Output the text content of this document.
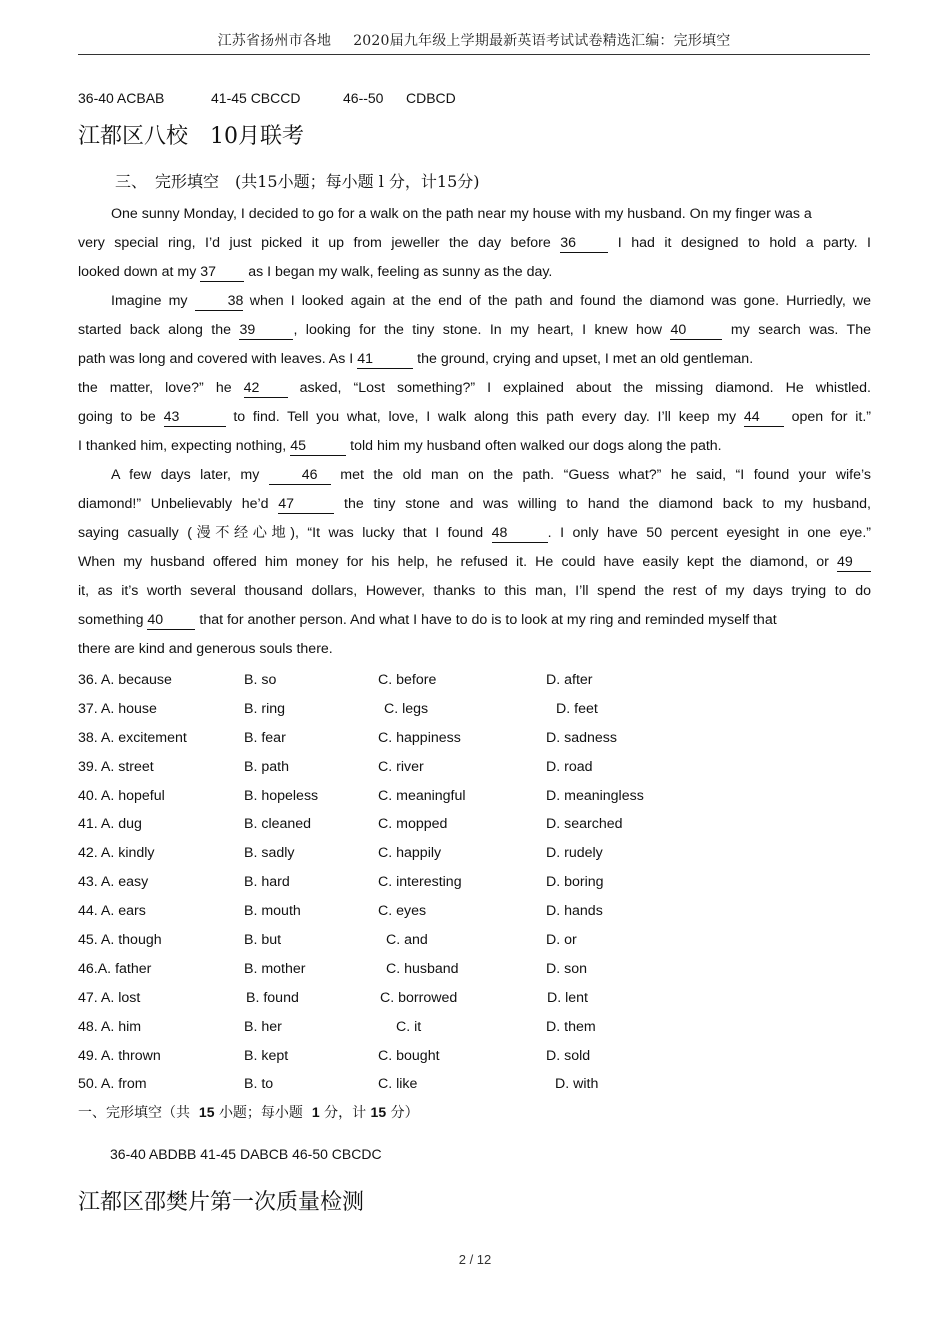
江苏省扬州市各地 2020届九年级上学期最新英语考试试卷精选汇编：完形填空
36-40 ACBAB	41-45 CBCCD	46--50 CDBCD
江都区八校　10月联考
三、　完形填空　(共15小题；每小题 l 分，计15分)

One sunny Monday, I decided to go for a walk on the path near my house with my husband. On my finger was a

very special ring, I’d just picked it up from jeweller the day before 36	I had it designed to hold a party. I

looked down at my 37 as I began my walk, feeling as sunny as the day.

Imagine my	38 when I looked again at the end of the path and found the diamond was gone. Hurriedly, we

started back along the 39	, looking for the tiny stone. In my heart, I knew how 40	my search was. The

path was long and covered with leaves. As I 41	the ground, crying and upset, I met an old gentleman.

the matter, love?” he 42	asked, “Lost something?” I explained about the missing diamond. He whistled.

going to be 43	to find. Tell you what, love, I walk along this path every day. I’ll keep my 44 open for it.”

I thanked him, expecting nothing, 45	told him my husband often walked our dogs along the path.

A few days later, my	46 met the old man on the path. “Guess what?” he said, “I found your wife’s

diamond!” Unbelievably he’d 47	the tiny stone and was willing to hand the diamond back to my husband,

saying casually (漫不经心地), “It was lucky that I found 48	. I only have 50 percent eyesight in one eye.”

When my husband offered him money for his help, he refused it. He could have easily kept the diamond, or 49

it, as it’s worth several thousand dollars, However, thanks to this man, I’ll spend the rest of my days trying to do

something 40	that for another person. And what I have to do is to look at my ring and reminded myself that

there are kind and generous souls there.

36. A. because	B. so	C. before	D. after
37. A. house	B. ring	C. legs	D. feet
38. A. excitement	B. fear	C. happiness	D. sadness
39. A. street	B. path	C. river	D. road
40. A. hopeful	B. hopeless	C. meaningful	D. meaningless
41. A. dug	B. cleaned	C. mopped	D. searched
42. A. kindly	B. sadly	C. happily	D. rudely
43. A. easy	B. hard	C. interesting	D. boring
44. A. ears	B. mouth	C. eyes	D. hands
45. A. though	B. but	C. and	D. or
46.A. father	B. mother	C. husband	D. son
47. A. lost	B. found	C. borrowed	D. lent
48. A. him	B. her	C. it	D. them
49. A. thrown	B. kept	C. bought	D. sold
50. A. from	B. to	C. like	D. with
一、完形填空（共 15 小题；每小题 1 分，计 15 分）
36-40 ABDBB 41-45 DABCB 46-50 CBCDC
江都区邵樊片第一次质量检测
2 / 12
